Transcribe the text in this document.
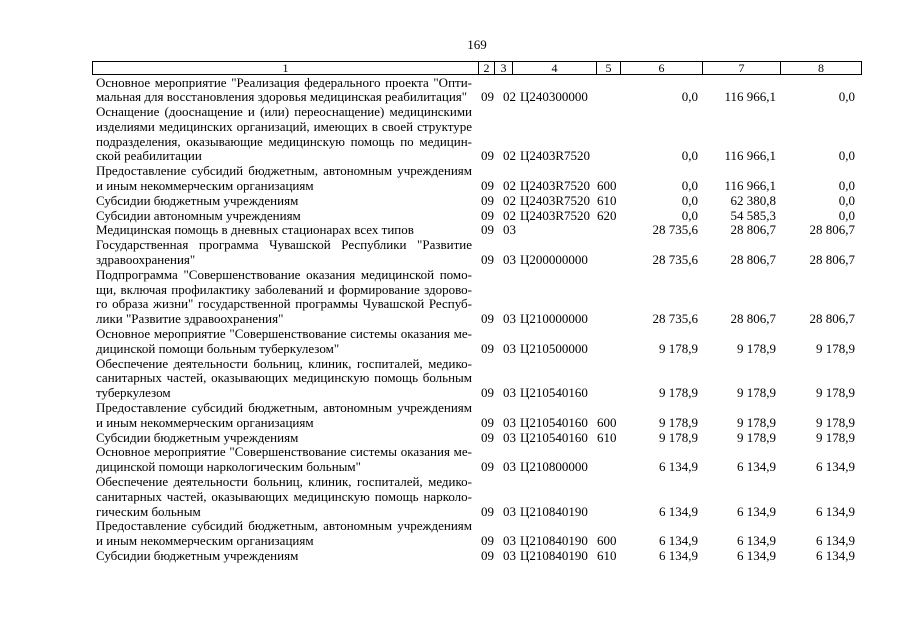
169
1	2 3	4	5	6	7	8
Основное мероприятие "Реализация федерального проекта "Опти-
мальная для восстановления здоровья медицинская реабилитация"	09 02 Ц240300000	0,0	116 966,1	0,0
Оснащение (дооснащение и (или) переоснащение) медицинскими
изделиями медицинских организаций, имеющих в своей структуре
подразделения, оказывающие медицинскую помощь по медицин-
ской реабилитации	09 02 Ц2403R7520	0,0	116 966,1	0,0
Предоставление субсидий бюджетным, автономным учреждениям
и иным некоммерческим организациям	09 02 Ц2403R7520 600	0,0	116 966,1	0,0
Субсидии бюджетным учреждениям	09 02 Ц2403R7520 610	0,0	62 380,8	0,0
Субсидии автономным учреждениям	09 02 Ц2403R7520 620	0,0	54 585,3	0,0
Медицинская помощь в дневных стационарах всех типов	09 03	28 735,6	28 806,7	28 806,7
Государственная программа Чувашской Республики "Развитие
здравоохранения"	09 03 Ц200000000	28 735,6	28 806,7	28 806,7
Подпрограмма "Совершенствование оказания медицинской помо-
щи, включая профилактику заболеваний и формирование здорово-
го образа жизни" государственной программы Чувашской Респуб-
лики "Развитие здравоохранения"	09 03 Ц210000000	28 735,6	28 806,7	28 806,7
Основное мероприятие "Совершенствование системы оказания ме-
дицинской помощи больным туберкулезом"	09 03 Ц210500000	9 178,9	9 178,9	9 178,9
Обеспечение деятельности больниц, клиник, госпиталей, медико-
санитарных частей, оказывающих медицинскую помощь больным
туберкулезом	09 03 Ц210540160	9 178,9	9 178,9	9 178,9
Предоставление субсидий бюджетным, автономным учреждениям
и иным некоммерческим организациям	09 03 Ц210540160 600	9 178,9	9 178,9	9 178,9
Субсидии бюджетным учреждениям	09 03 Ц210540160 610	9 178,9	9 178,9	9 178,9
Основное мероприятие "Совершенствование системы оказания ме-
дицинской помощи наркологическим больным"	09 03 Ц210800000	6 134,9	6 134,9	6 134,9
Обеспечение деятельности больниц, клиник, госпиталей, медико-
санитарных частей, оказывающих медицинскую помощь нарколо-
гическим больным	09 03 Ц210840190	6 134,9	6 134,9	6 134,9
Предоставление субсидий бюджетным, автономным учреждениям
и иным некоммерческим организациям	09 03 Ц210840190 600	6 134,9	6 134,9	6 134,9
Субсидии бюджетным учреждениям	09 03 Ц210840190 610	6 134,9	6 134,9	6 134,9
